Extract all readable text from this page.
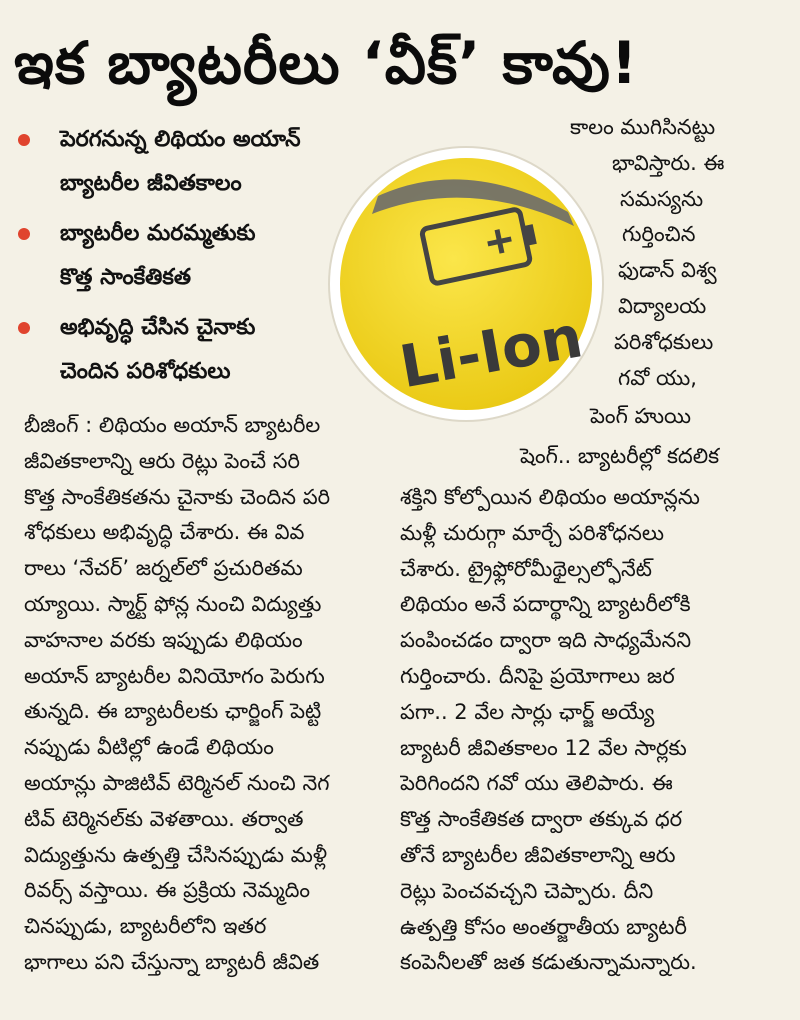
ఇక బ్యాటరీలు ‘వీక్’ కావు!
పెరగనున్న లిథియం అయాన్
బ్యాటరీల జీవితకాలం
బ్యాటరీల మరమ్మతుకు
కొత్త సాంకేతికత
అభివృద్ధి చేసిన చైనాకు
చెందిన పరిశోధకులు	Li-Ion
కాలం ముగిసినట్టు
భావిస్తారు. ఈ
సమస్యను
గుర్తించిన
ఫుడాన్ విశ్వ
విద్యాలయ
పరిశోధకులు
గవో యు,
పెంగ్ హుయి
షెంగ్.. బ్యాటరీల్లో కదలిక
బీజింగ్ : లిథియం అయాన్ బ్యాటరీల
జీవితకాలాన్ని ఆరు రెట్లు పెంచే సరి
కొత్త సాంకేతికతను చైనాకు చెందిన పరి
శోధకులు అభివృద్ధి చేశారు. ఈ వివ
రాలు ‘నేచర్’ జర్నల్‌లో ప్రచురితమ
య్యాయి. స్మార్ట్ ఫోన్ల నుంచి విద్యుత్తు
వాహనాల వరకు ఇప్పుడు లిథియం
అయాన్ బ్యాటరీల వినియోగం పెరుగు
తున్నది. ఈ బ్యాటరీలకు ఛార్జింగ్ పెట్టి
నప్పుడు వీటిల్లో ఉండే లిథియం
అయాన్లు పాజిటివ్ టెర్మినల్ నుంచి నెగ
టివ్ టెర్మినల్‌కు వెళతాయి. తర్వాత
విద్యుత్తును ఉత్పత్తి చేసినప్పుడు మళ్లీ
రివర్స్ వస్తాయి. ఈ ప్రక్రియ నెమ్మదిం
చినప్పుడు, బ్యాటరీలోని ఇతర
భాగాలు పని చేస్తున్నా బ్యాటరీ జీవిత
శక్తిని కోల్పోయిన లిథియం అయాన్లను
మళ్లీ చురుగ్గా మార్చే పరిశోధనలు
చేశారు. ట్రైఫ్లోరోమీథైల్సల్ఫోనేట్
లిథియం అనే పదార్థాన్ని బ్యాటరీలోకి
పంపించడం ద్వారా ఇది సాధ్యమేనని
గుర్తించారు. దీనిపై ప్రయోగాలు జర
పగా.. 2 వేల సార్లు ఛార్జ్ అయ్యే
బ్యాటరీ జీవితకాలం 12 వేల సార్లకు
పెరిగిందని గవో యు తెలిపారు. ఈ
కొత్త సాంకేతికత ద్వారా తక్కువ ధర
తోనే బ్యాటరీల జీవితకాలాన్ని ఆరు
రెట్లు పెంచవచ్చని చెప్పారు. దీని
ఉత్పత్తి కోసం అంతర్జాతీయ బ్యాటరీ
కంపెనీలతో జత కడుతున్నామన్నారు.
